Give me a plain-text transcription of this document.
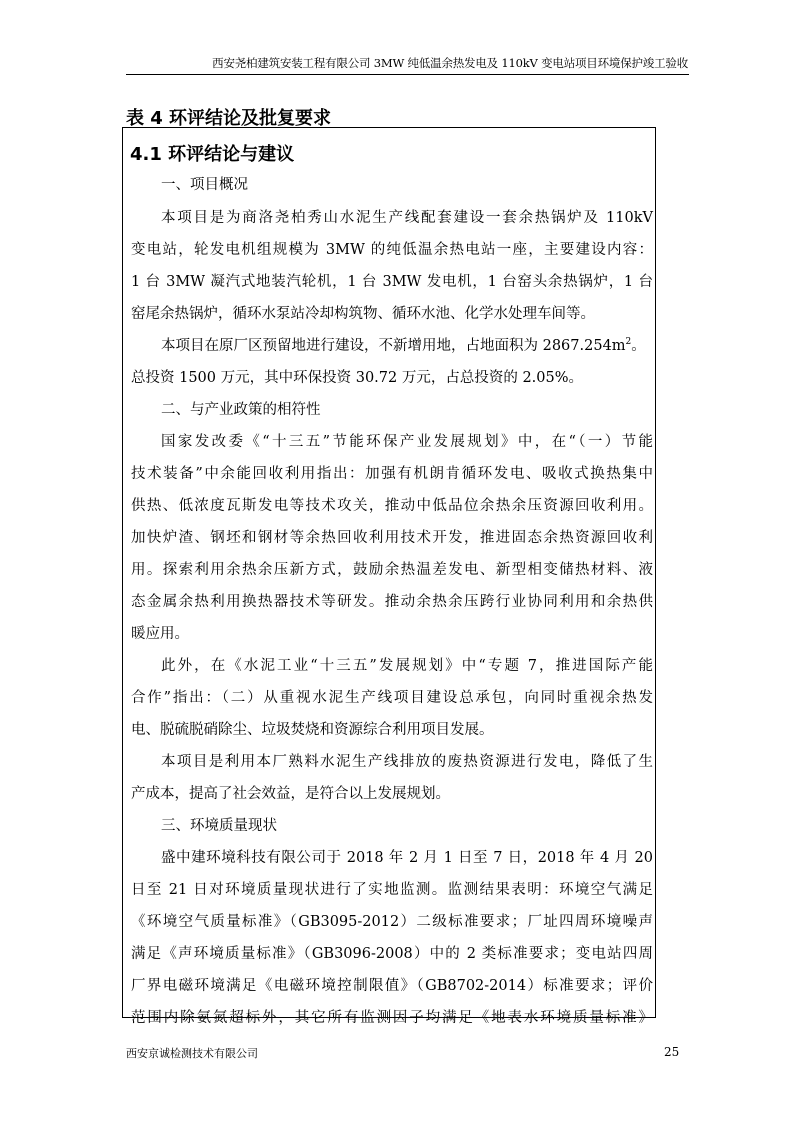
西安尧柏建筑安装工程有限公司 3MW 纯低温余热发电及 110kV 变电站项目环境保护竣工验收
表 4 环评结论及批复要求
4.1 环评结论与建议
一、项目概况
本项目是为商洛尧柏秀山水泥生产线配套建设一套余热锅炉及 110kV
变电站，轮发电机组规模为 3MW 的纯低温余热电站一座，主要建设内容：
1 台 3MW 凝汽式地装汽轮机，1 台 3MW 发电机，1 台窑头余热锅炉，1 台
窑尾余热锅炉，循环水泵站冷却构筑物、循环水池、化学水处理车间等。
本项目在原厂区预留地进行建设，不新增用地，占地面积为 $2867.254m^2$。
总投资 1500 万元，其中环保投资 30.72 万元，占总投资的 2.05%。
二、与产业政策的相符性
国家发改委《“十三五”节能环保产业发展规划》中，在“（一）节能
技术装备”中余能回收利用指出：加强有机朗肯循环发电、吸收式换热集中
供热、低浓度瓦斯发电等技术攻关，推动中低品位余热余压资源回收利用。
加快炉渣、钢坯和钢材等余热回收利用技术开发，推进固态余热资源回收利
用。探索利用余热余压新方式，鼓励余热温差发电、新型相变储热材料、液
态金属余热利用换热器技术等研发。推动余热余压跨行业协同利用和余热供
暖应用。
此外，在《水泥工业“十三五”发展规划》中“专题 7，推进国际产能
合作”指出：（二）从重视水泥生产线项目建设总承包，向同时重视余热发
电、脱硫脱硝除尘、垃圾焚烧和资源综合利用项目发展。
本项目是利用本厂熟料水泥生产线排放的废热资源进行发电，降低了生
产成本，提高了社会效益，是符合以上发展规划。
三、环境质量现状
盛中建环境科技有限公司于 2018 年 2 月 1 日至 7 日，2018 年 4 月 20
日至 21 日对环境质量现状进行了实地监测。监测结果表明：环境空气满足
《环境空气质量标准》（GB3095-2012）二级标准要求；厂址四周环境噪声
满足《声环境质量标准》（GB3096-2008）中的 2 类标准要求；变电站四周
厂界电磁环境满足《电磁环境控制限值》（GB8702-2014）标准要求；评价
范围内除氨氮超标外，其它所有监测因子均满足《地表水环境质量标准》
西安京诚检测技术有限公司	25
